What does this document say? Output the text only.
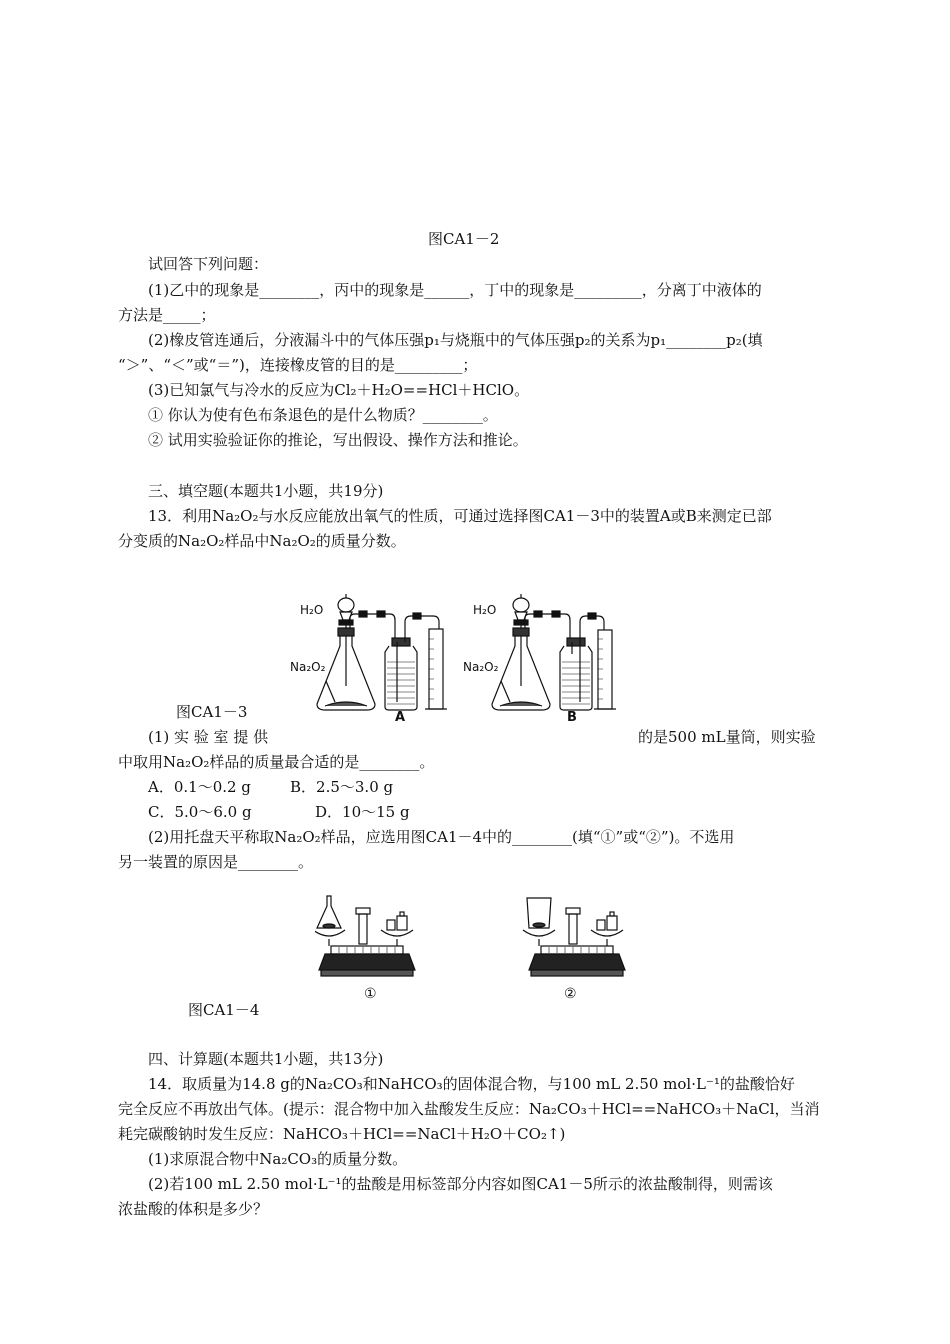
图CA1－2
试回答下列问题：
(1)乙中的现象是________，丙中的现象是______，丁中的现象是_________，分离丁中液体的
方法是_____；
(2)橡皮管连通后，分液漏斗中的气体压强p₁与烧瓶中的气体压强p₂的关系为p₁________p₂(填
“＞”、“＜”或“＝”)，连接橡皮管的目的是_________；
(3)已知氯气与冷水的反应为Cl₂＋H₂O==HCl＋HClO。
① 你认为使有色布条退色的是什么物质？________。
② 试用实验验证你的推论，写出假设、操作方法和推论。
三、填空题(本题共1小题，共19分)
13．利用Na₂O₂与水反应能放出氧气的性质，可通过选择图CA1－3中的装置A或B来测定已部
分变质的Na₂O₂样品中Na₂O₂的质量分数。
H₂O	H₂O
Na₂O₂	Na₂O₂
A	B
图CA1－3
(1) 实 验 室 提 供	的是500 mL量筒，则实验
中取用Na₂O₂样品的质量最合适的是________。
A．0.1～0.2 g	B．2.5～3.0 g
C．5.0～6.0 g	D．10～15 g
(2)用托盘天平称取Na₂O₂样品，应选用图CA1－4中的________(填“①”或“②”)。不选用
另一装置的原因是________。
①	②
图CA1－4
四、计算题(本题共1小题，共13分)
14．取质量为14.8 g的Na₂CO₃和NaHCO₃的固体混合物，与100 mL 2.50 mol·L⁻¹的盐酸恰好
完全反应不再放出气体。(提示：混合物中加入盐酸发生反应：Na₂CO₃＋HCl==NaHCO₃＋NaCl，当消
耗完碳酸钠时发生反应：NaHCO₃＋HCl==NaCl＋H₂O＋CO₂↑)
(1)求原混合物中Na₂CO₃的质量分数。
(2)若100 mL 2.50 mol·L⁻¹的盐酸是用标签部分内容如图CA1－5所示的浓盐酸制得，则需该
浓盐酸的体积是多少？
